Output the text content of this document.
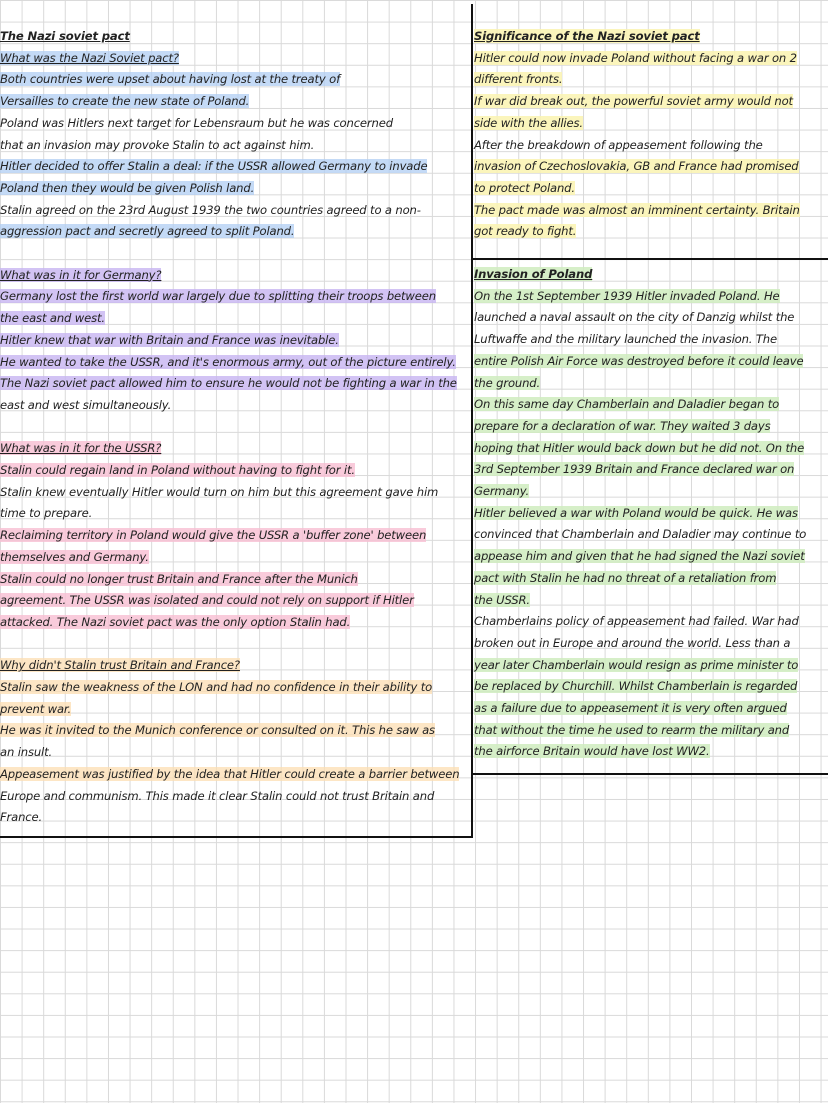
The Nazi soviet pact
What was the Nazi Soviet pact?
Both countries were upset about having lost at the treaty of
Versailles to create the new state of Poland.
Poland was Hitlers next target for Lebensraum but he was concerned
that an invasion may provoke Stalin to act against him.
Hitler decided to offer Stalin a deal: if the USSR allowed Germany to invade
Poland then they would be given Polish land.
Stalin agreed on the 23rd August 1939 the two countries agreed to a non-
aggression pact and secretly agreed to split Poland.
What was in it for Germany?
Germany lost the first world war largely due to splitting their troops between
the east and west.
Hitler knew that war with Britain and France was inevitable.
He wanted to take the USSR, and it's enormous army, out of the picture entirely.
The Nazi soviet pact allowed him to ensure he would not be fighting a war in the
east and west simultaneously.
What was in it for the USSR?
Stalin could regain land in Poland without having to fight for it.
Stalin knew eventually Hitler would turn on him but this agreement gave him
time to prepare.
Reclaiming territory in Poland would give the USSR a 'buffer zone' between
themselves and Germany.
Stalin could no longer trust Britain and France after the Munich
agreement. The USSR was isolated and could not rely on support if Hitler
attacked. The Nazi soviet pact was the only option Stalin had.
Why didn't Stalin trust Britain and France?
Stalin saw the weakness of the LON and had no confidence in their ability to
prevent war.
He was it invited to the Munich conference or consulted on it. This he saw as
an insult.
Appeasement was justified by the idea that Hitler could create a barrier between
Europe and communism. This made it clear Stalin could not trust Britain and
France.
Significance of the Nazi soviet pact
Hitler could now invade Poland without facing a war on 2
different fronts.
If war did break out, the powerful soviet army would not
side with the allies.
After the breakdown of appeasement following the
invasion of Czechoslovakia, GB and France had promised
to protect Poland.
The pact made was almost an imminent certainty. Britain
got ready to fight.
Invasion of Poland
On the 1st September 1939 Hitler invaded Poland. He
launched a naval assault on the city of Danzig whilst the
Luftwaffe and the military launched the invasion. The
entire Polish Air Force was destroyed before it could leave
the ground.
On this same day Chamberlain and Daladier began to
prepare for a declaration of war. They waited 3 days
hoping that Hitler would back down but he did not. On the
3rd September 1939 Britain and France declared war on
Germany.
Hitler believed a war with Poland would be quick. He was
convinced that Chamberlain and Daladier may continue to
appease him and given that he had signed the Nazi soviet
pact with Stalin he had no threat of a retaliation from
the USSR.
Chamberlains policy of appeasement had failed. War had
broken out in Europe and around the world. Less than a
year later Chamberlain would resign as prime minister to
be replaced by Churchill. Whilst Chamberlain is regarded
as a failure due to appeasement it is very often argued
that without the time he used to rearm the military and
the airforce Britain would have lost WW2.
